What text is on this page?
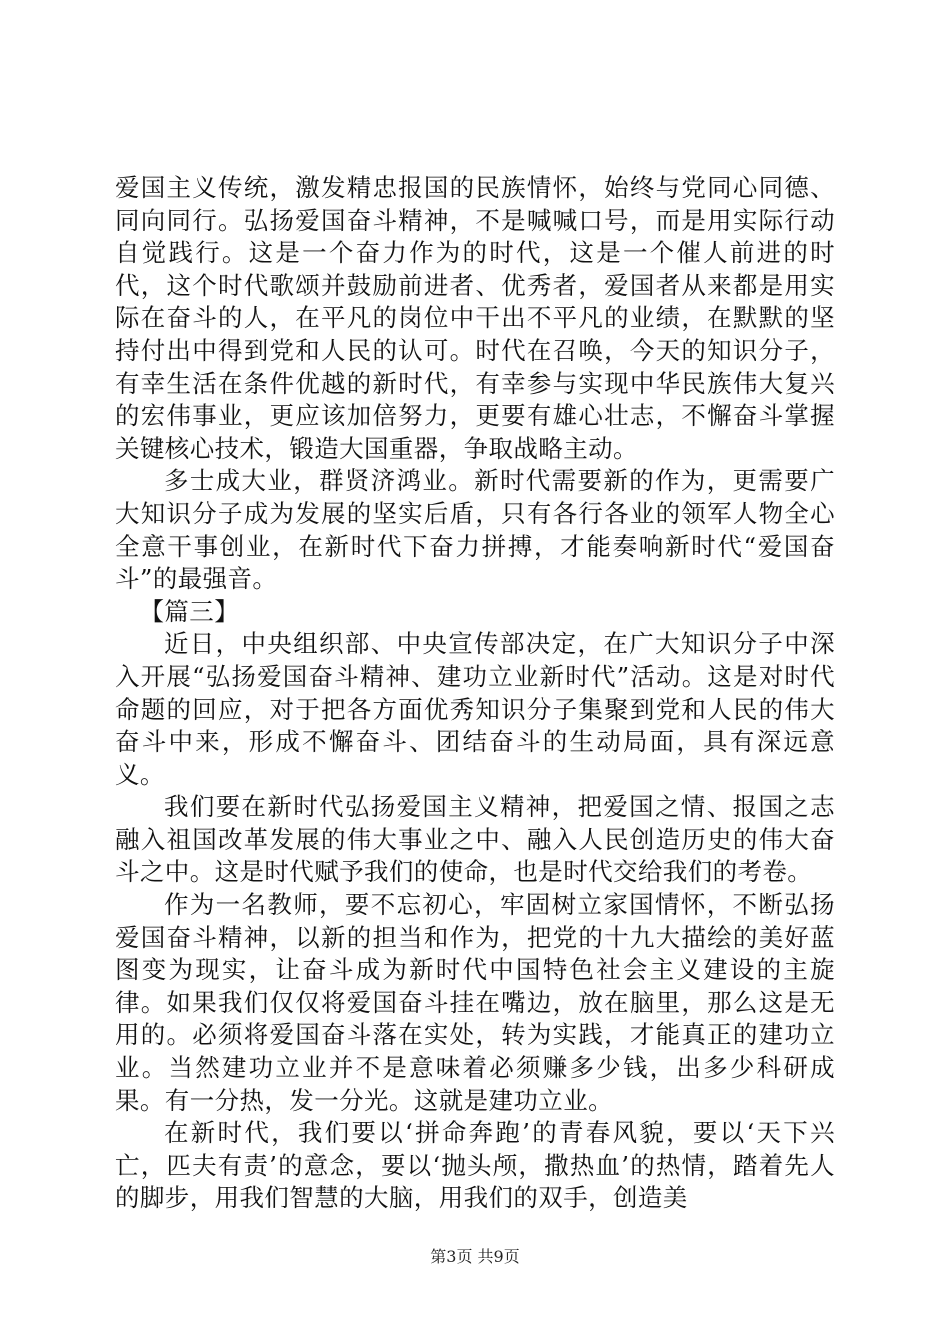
爱国主义传统，激发精忠报国的民族情怀，始终与党同心同德、同向同行。弘扬爱国奋斗精神，不是喊喊口号，而是用实际行动自觉践行。这是一个奋力作为的时代，这是一个催人前进的时代，这个时代歌颂并鼓励前进者、优秀者，爱国者从来都是用实际在奋斗的人，在平凡的岗位中干出不平凡的业绩，在默默的坚持付出中得到党和人民的认可。时代在召唤，今天的知识分子，有幸生活在条件优越的新时代，有幸参与实现中华民族伟大复兴的宏伟事业，更应该加倍努力，更要有雄心壮志，不懈奋斗掌握关键核心技术，锻造大国重器，争取战略主动。

多士成大业，群贤济鸿业。新时代需要新的作为，更需要广大知识分子成为发展的坚实后盾，只有各行各业的领军人物全心全意干事创业，在新时代下奋力拼搏，才能奏响新时代“爱国奋斗”的最强音。

【篇三】

近日，中央组织部、中央宣传部决定，在广大知识分子中深入开展“弘扬爱国奋斗精神、建功立业新时代”活动。这是对时代命题的回应，对于把各方面优秀知识分子集聚到党和人民的伟大奋斗中来，形成不懈奋斗、团结奋斗的生动局面，具有深远意义。

我们要在新时代弘扬爱国主义精神，把爱国之情、报国之志融入祖国改革发展的伟大事业之中、融入人民创造历史的伟大奋斗之中。这是时代赋予我们的使命，也是时代交给我们的考卷。

作为一名教师，要不忘初心，牢固树立家国情怀，不断弘扬爱国奋斗精神，以新的担当和作为，把党的十九大描绘的美好蓝图变为现实，让奋斗成为新时代中国特色社会主义建设的主旋律。如果我们仅仅将爱国奋斗挂在嘴边，放在脑里，那么这是无用的。必须将爱国奋斗落在实处，转为实践，才能真正的建功立业。当然建功立业并不是意味着必须赚多少钱，出多少科研成果。有一分热，发一分光。这就是建功立业。

在新时代，我们要以‘拼命奔跑’的青春风貌，要以‘天下兴亡，匹夫有责’的意念，要以‘抛头颅，撒热血’的热情，踏着先人的脚步，用我们智慧的大脑，用我们的双手，创造美

第3页 共9页
